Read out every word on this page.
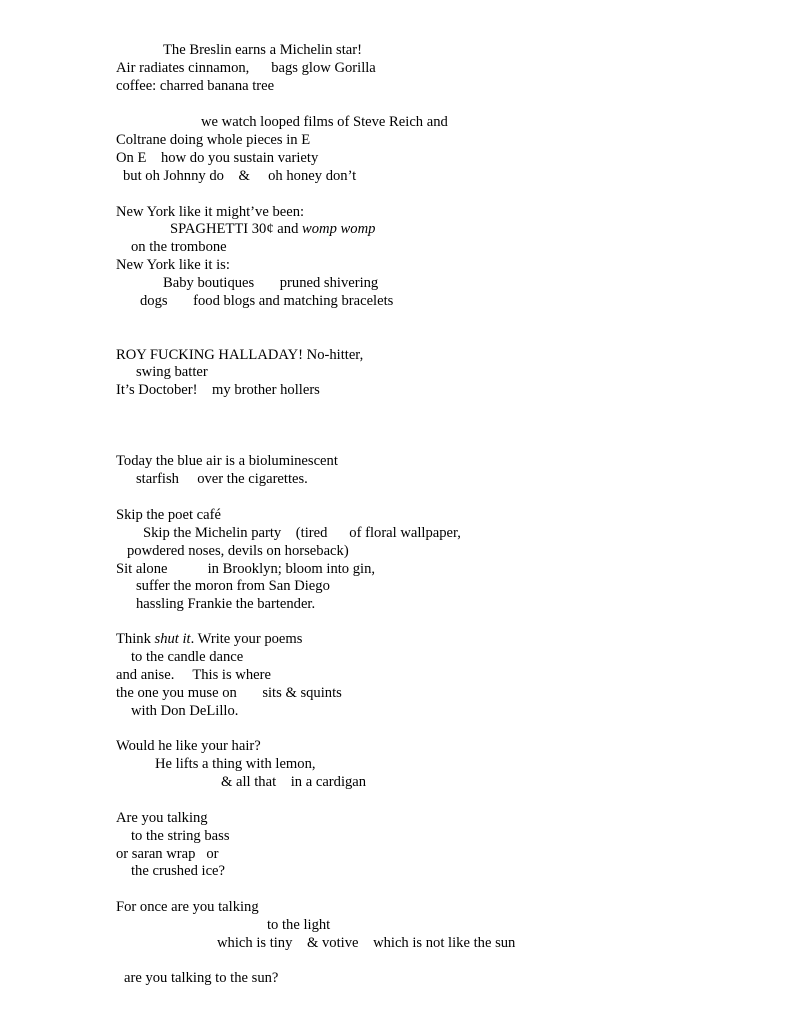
The Breslin earns a Michelin star!
Air radiates cinnamon,      bags glow Gorilla
coffee: charred banana tree
we watch looped films of Steve Reich and
Coltrane doing whole pieces in E
On E    how do you sustain variety
but oh Johnny do    &     oh honey don’t
New York like it might’ve been:
SPAGHETTI 30¢ and womp womp
on the trombone
New York like it is:
Baby boutiques       pruned shivering
dogs       food blogs and matching bracelets
ROY FUCKING HALLADAY! No-hitter,
swing batter
It’s Doctober!    my brother hollers
Today the blue air is a bioluminescent
starfish     over the cigarettes.
Skip the poet café
Skip the Michelin party    (tired      of floral wallpaper,
powdered noses, devils on horseback)
Sit alone           in Brooklyn; bloom into gin,
suffer the moron from San Diego
hassling Frankie the bartender.
Think shut it. Write your poems
to the candle dance
and anise.     This is where
the one you muse on       sits & squints
with Don DeLillo.
Would he like your hair?
He lifts a thing with lemon,
& all that    in a cardigan
Are you talking
to the string bass
or saran wrap   or
the crushed ice?
For once are you talking
to the light
which is tiny    & votive    which is not like the sun
are you talking to the sun?
